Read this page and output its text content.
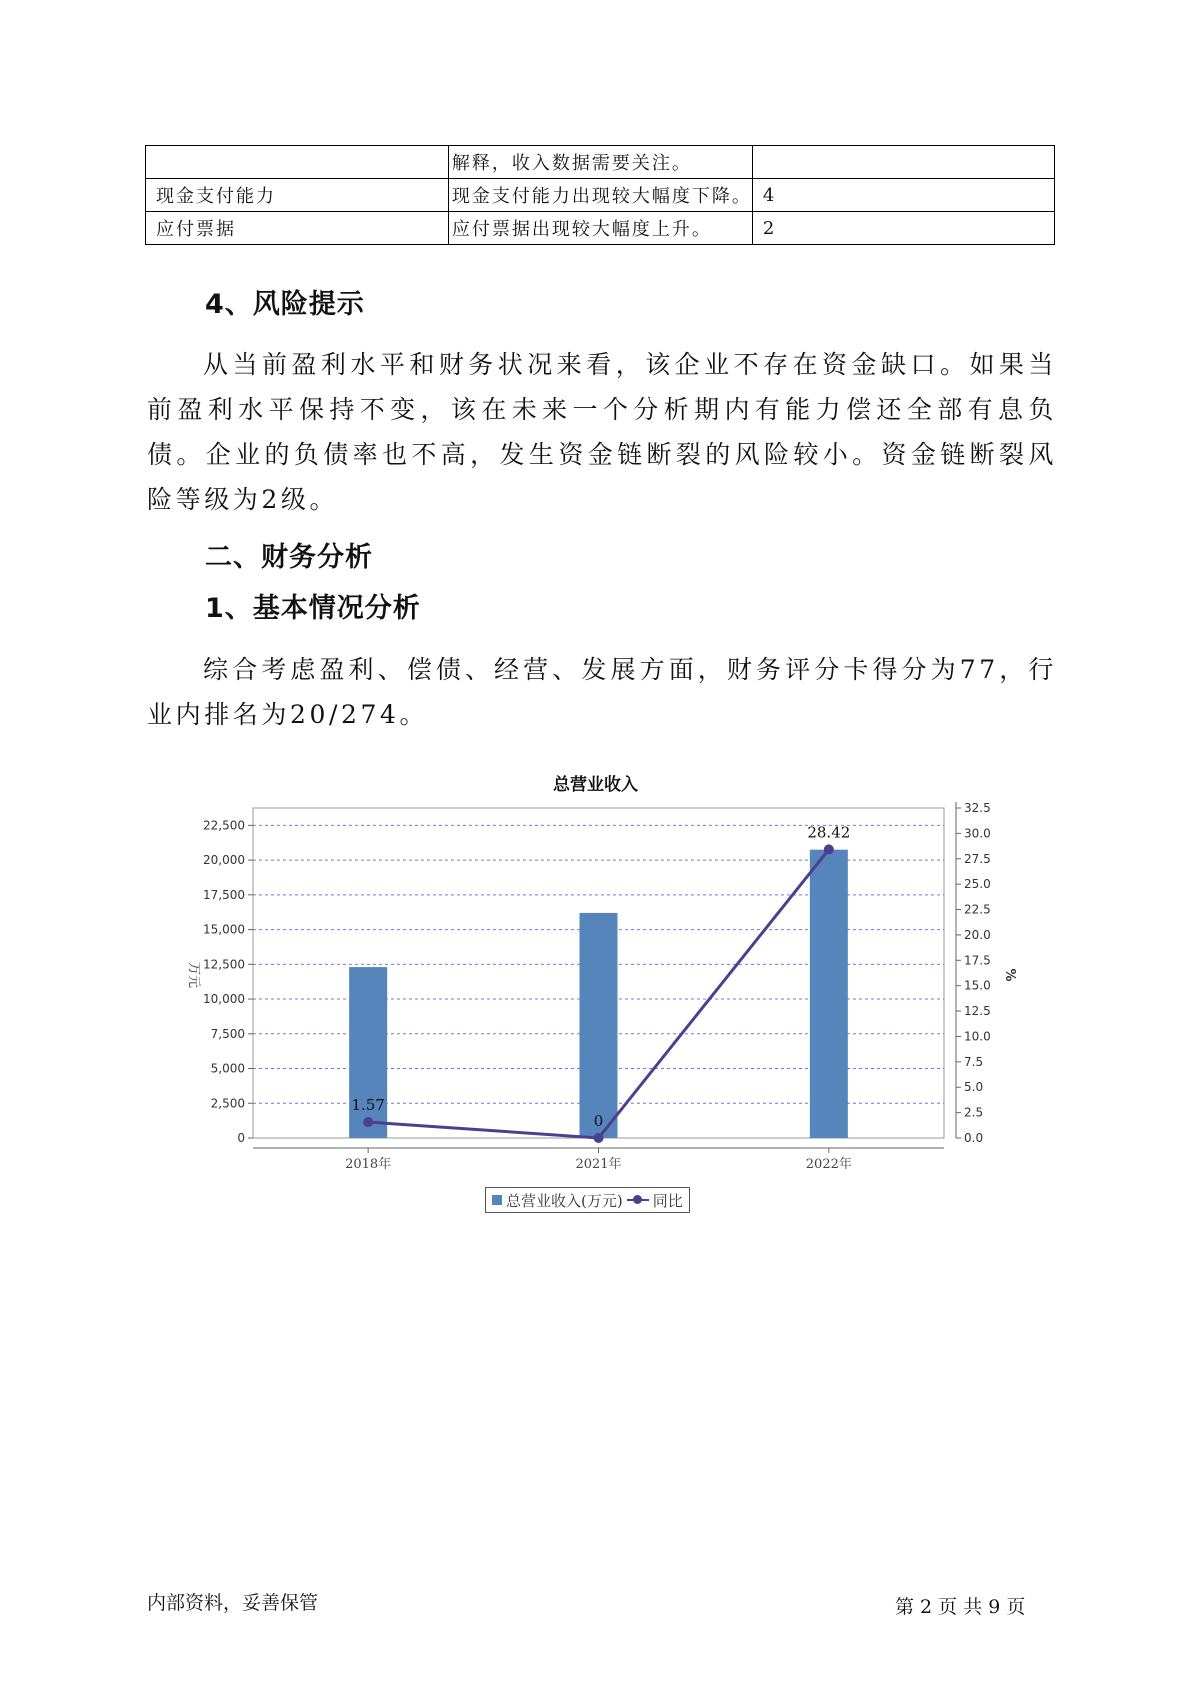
	解释，收入数据需要关注。	
现金支付能力	现金支付能力出现较大幅度下降。	4
应付票据	应付票据出现较大幅度上升。	2
4、风险提示
从当前盈利水平和财务状况来看，该企业不存在资金缺口。如果当前盈利水平保持不变，该在未来一个分析期内有能力偿还全部有息负债。企业的负债率也不高，发生资金链断裂的风险较小。资金链断裂风险等级为2级。
二、财务分析
1、基本情况分析
综合考虑盈利、偿债、经营、发展方面，财务评分卡得分为77，行业内排名为20/274。
总营业收入
0
2,500
5,000
7,500
10,000
12,500
15,000
17,500
20,000
22,500
0.0
2.5
5.0
7.5
10.0
12.5
15.0
17.5
20.0
22.5
25.0
27.5
30.0
32.5
万元	%
2018年	2021年	2022年
1.57
0
28.42
总营业收入(万元) 同比
内部资料，妥善保管	第 2 页 共 9 页
